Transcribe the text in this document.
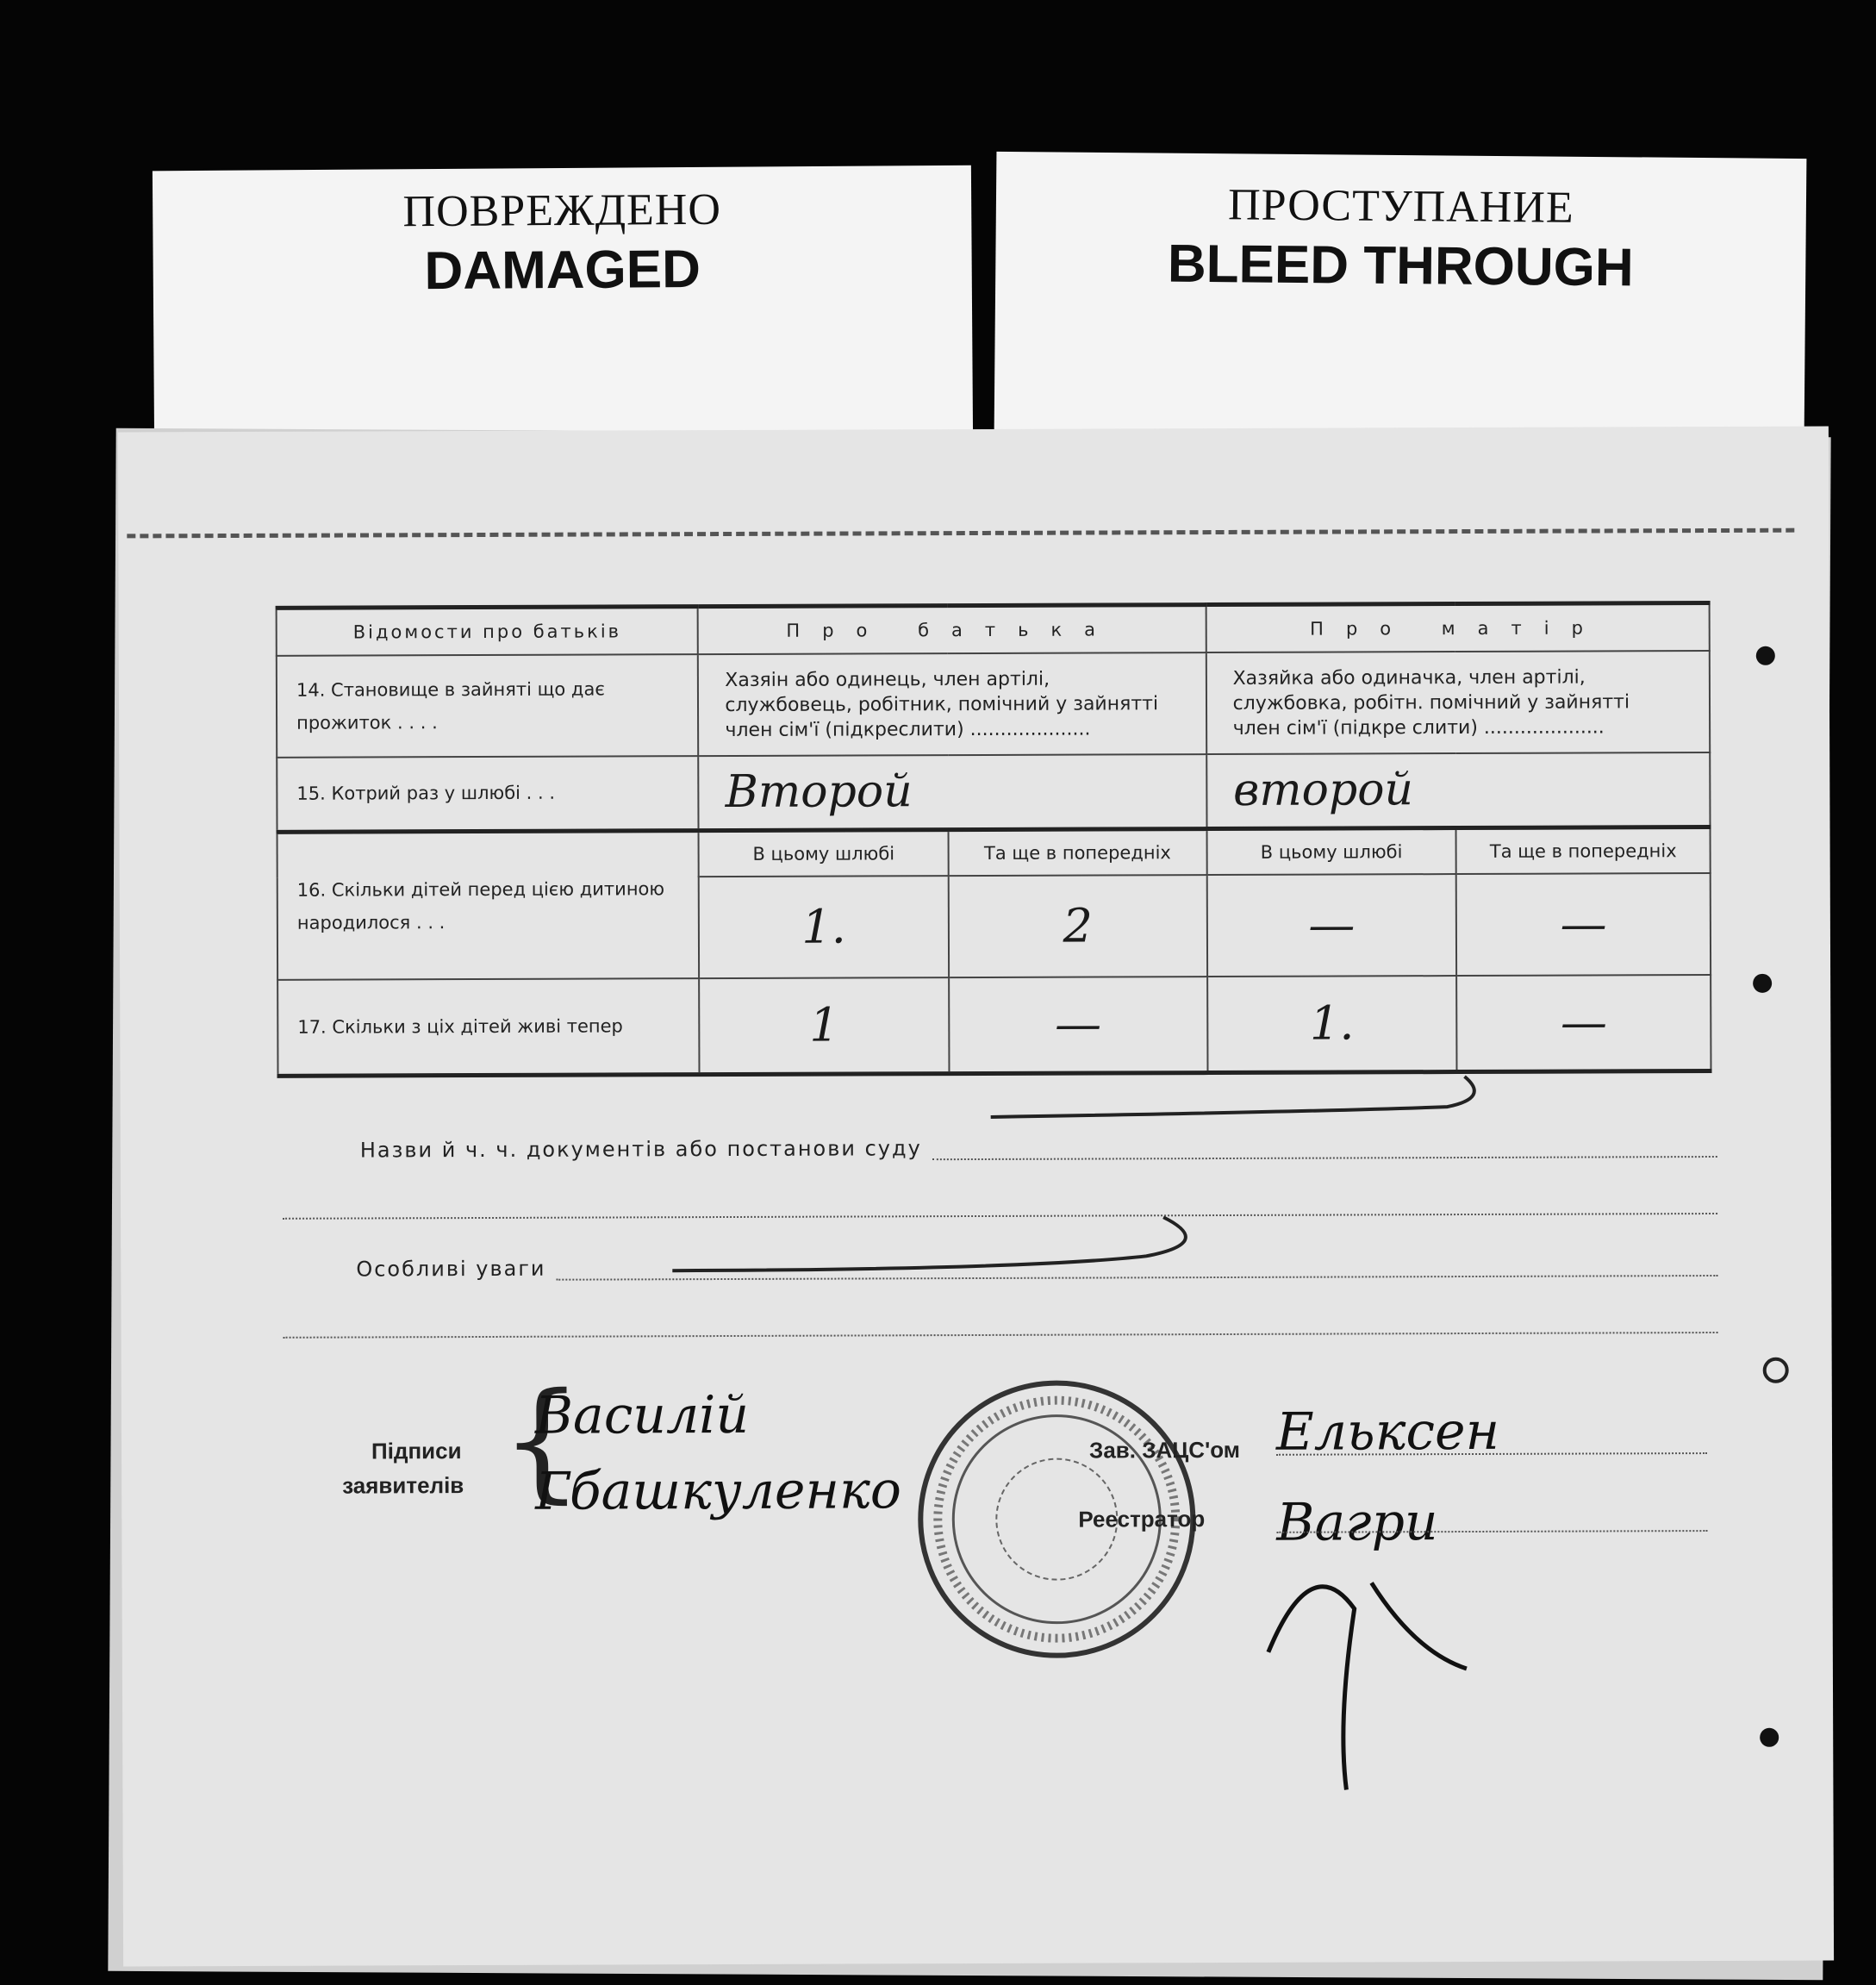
ПОВРЕЖДЕНО
DAMAGED
ПРОСТУПАНИЕ
BLEED THROUGH
Відомости про батьків	Про батька		Про матір	
14. Становище в зайняті що дає прожиток . . . .	Хазяін або одинець, член артілі, службовець, робітник, помічний у зайнятті член сім'ї (підкреслити) ....................		Хазяйка або одиначка, член артілі, службовка, робітн. помічний у зайнятті член сім'ї (підкре слити) ....................	
15. Котрий раз у шлюбі . . .	Второй		второй	
16. Скільки дітей перед цією дитиною народилося . . .	В цьому шлюбі	Та ще в попередніх	В цьому шлюбі	Та ще в попередніх
	1.	2	—	—
17. Скільки з ціх дітей живі тепер	1	—	1.	—
Назви й ч. ч. документів або постанови суду
Особливі уваги
Підписи
заявителів {
Василій
Гбашкуленко
Зав. ЗАЦС'ом Ельксен
Реестратор Вагри
